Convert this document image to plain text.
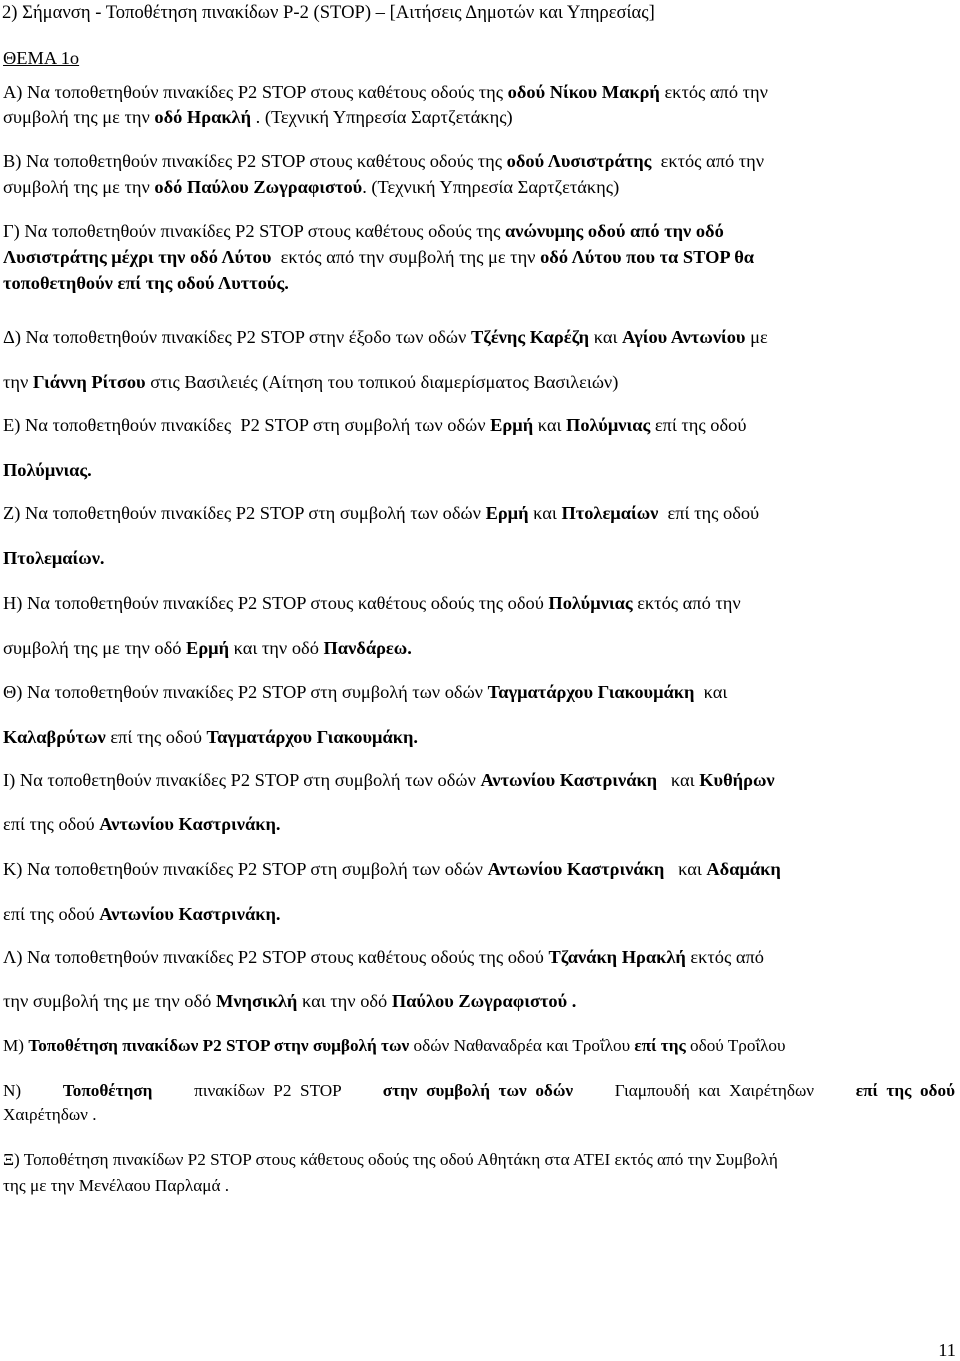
2) Σήμανση - Τοποθέτηση πινακίδων Ρ-2 (STOP) – [Αιτήσεις Δημοτών και Υπηρεσίας]
ΘΕΜΑ 1ο
Α) Να τοποθετηθούν πινακίδες Ρ2 STOP στους καθέτους οδούς της οδού Νίκου Μακρή εκτός από την
συμβολή της με την οδό Ηρακλή . (Τεχνική Υπηρεσία Σαρτζετάκης)
Β) Να τοποθετηθούν πινακίδες Ρ2 STOP στους καθέτους οδούς της οδού Λυσιστράτης  εκτός από την
συμβολή της με την οδό Παύλου Ζωγραφιστού. (Τεχνική Υπηρεσία Σαρτζετάκης)
Γ) Να τοποθετηθούν πινακίδες Ρ2 STOP στους καθέτους οδούς της ανώνυμης οδού από την οδό
Λυσιστράτης μέχρι την οδό Λύτου  εκτός από την συμβολή της με την οδό Λύτου που τα STOP θα
τοποθετηθούν επί της οδού Λυττούς.
Δ) Να τοποθετηθούν πινακίδες Ρ2 STOP στην έξοδο των οδών Τζένης Καρέζη και Αγίου Αντωνίου με
την Γιάννη Ρίτσου στις Βασιλειές (Αίτηση του τοπικού διαμερίσματος Βασιλειών)
Ε) Να τοποθετηθούν πινακίδες  Ρ2 STOP στη συμβολή των οδών Ερμή και Πολύμνιας επί της οδού
Πολύμνιας.
Ζ) Να τοποθετηθούν πινακίδες Ρ2 STOP στη συμβολή των οδών Ερμή και Πτολεμαίων  επί της οδού
Πτολεμαίων.
Η) Να τοποθετηθούν πινακίδες Ρ2 STOP στους καθέτους οδούς της οδού Πολύμνιας εκτός από την
συμβολή της με την οδό Ερμή και την οδό Πανδάρεω.
Θ) Να τοποθετηθούν πινακίδες Ρ2 STOP στη συμβολή των οδών Ταγματάρχου Γιακουμάκη  και
Καλαβρύτων επί της οδού Ταγματάρχου Γιακουμάκη.
Ι) Να τοποθετηθούν πινακίδες Ρ2 STOP στη συμβολή των οδών Αντωνίου Καστρινάκη   και Κυθήρων
επί της οδού Αντωνίου Καστρινάκη.
Κ) Να τοποθετηθούν πινακίδες Ρ2 STOP στη συμβολή των οδών Αντωνίου Καστρινάκη   και Αδαμάκη
επί της οδού Αντωνίου Καστρινάκη.
Λ) Να τοποθετηθούν πινακίδες Ρ2 STOP στους καθέτους οδούς της οδού Τζανάκη Ηρακλή εκτός από
την συμβολή της με την οδό Μνησικλή και την οδό Παύλου Ζωγραφιστού .
Μ) Τοποθέτηση πινακίδων Ρ2 STOP στην συμβολή των οδών Ναθαναδρέα και Τροΐλου επί της οδού Τροΐλου
Ν) Τοποθέτηση πινακίδων  Ρ2  STOP στην  συμβολή  των  οδών Γιαμπουδή  και  Χαιρέτηδων επί  της  οδού
Χαιρέτηδων .
Ξ) Τοποθέτηση πινακίδων Ρ2 STOP στους κάθετους οδούς της οδού Αθητάκη στα ΑΤΕΙ εκτός από την Συμβολή
της με την Μενέλαου Παρλαμά .
11
